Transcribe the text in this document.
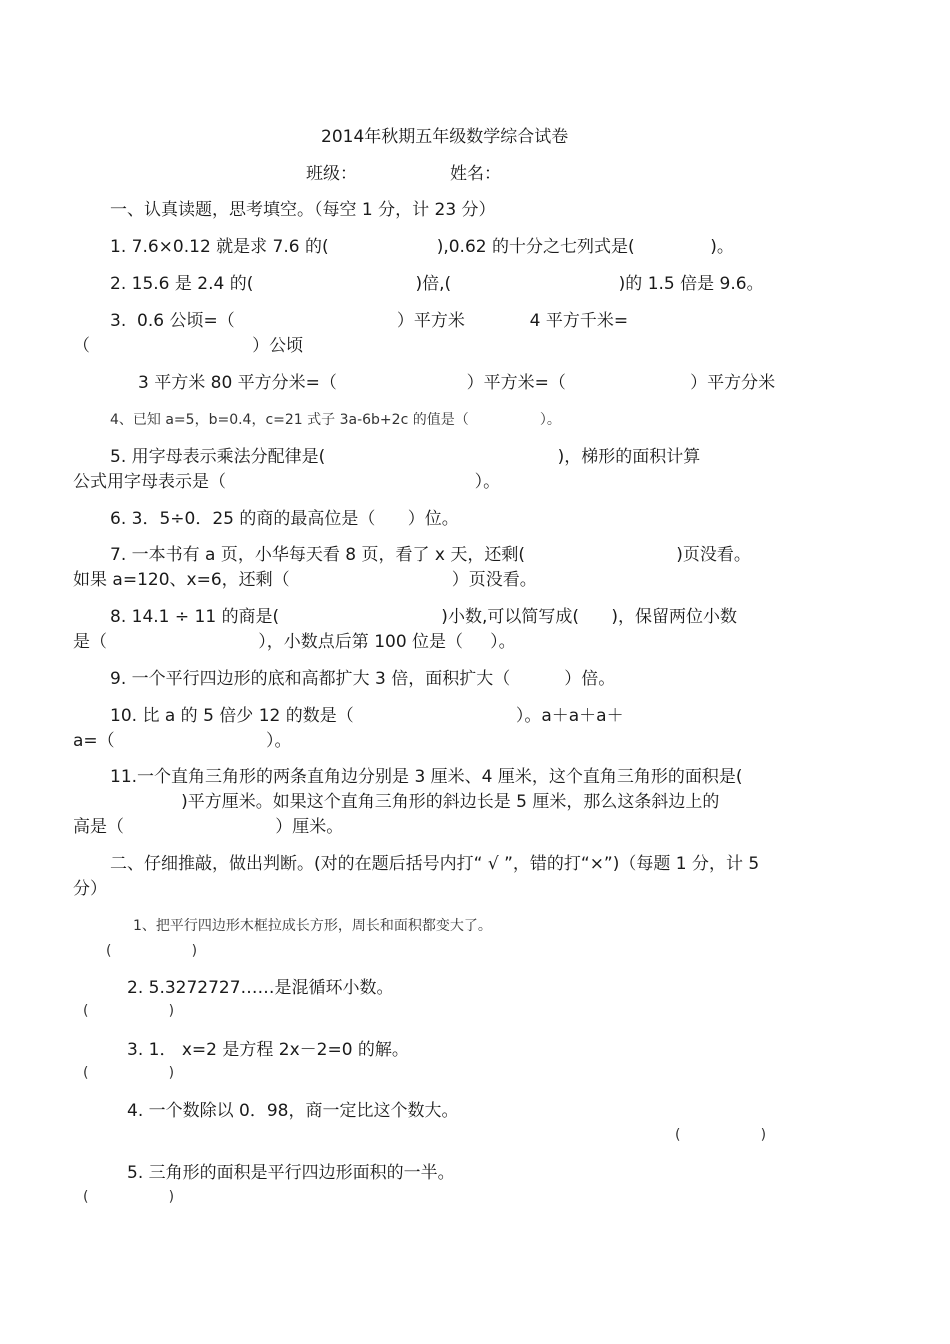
2014年秋期五年级数学综合试卷
班级：	姓名：
一、认真读题，思考填空。（每空 1 分，计 23 分）
1. 7.6×0.12 就是求 7.6 的(                    ),0.62 的十分之七列式是(              )。
2. 15.6 是 2.4 的(                              )倍,(                               )的 1.5 倍是 9.6。
3.  0.6 公顷=（                              ）平方米            4 平方千米=
（                              ）公顷
3 平方米 80 平方分米=（                        ）平方米=（                       ）平方分米
4、已知 a=5，b=0.4，c=21 式子 3a-6b+2c 的值是（                ）。
5. 用字母表示乘法分配律是(                                           )，梯形的面积计算
公式用字母表示是（                                              ）。
6. 3．5÷0．25 的商的最高位是（      ）位。
7. 一本书有 a 页，小华每天看 8 页，看了 x 天，还剩(                            )页没看。
如果 a=120、x=6，还剩（                              ）页没看。
8. 14.1 ÷ 11 的商是(                              )小数,可以简写成(      )，保留两位小数
是（                            ），小数点后第 100 位是（     ）。
9. 一个平行四边形的底和高都扩大 3 倍，面积扩大（          ）倍。
10. 比 a 的 5 倍少 12 的数是（                              ）。a＋a＋a＋
a=（                            ）。
11.一个直角三角形的两条直角边分别是 3 厘米、4 厘米，这个直角三角形的面积是(
)平方厘米。如果这个直角三角形的斜边长是 5 厘米，那么这条斜边上的
高是（                            ）厘米。
二、仔细推敲，做出判断。(对的在题后括号内打“ √ ”，错的打“×”)（每题 1 分，计 5
分）
1、把平行四边形木框拉成长方形，周长和面积都变大了。
(                  )
2. 5.3272727……是混循环小数。
(                  )
3. 1． x=2 是方程 2x－2=0 的解。
(                  )
4. 一个数除以 0．98，商一定比这个数大。
(                  )
5. 三角形的面积是平行四边形面积的一半。
(                  )
